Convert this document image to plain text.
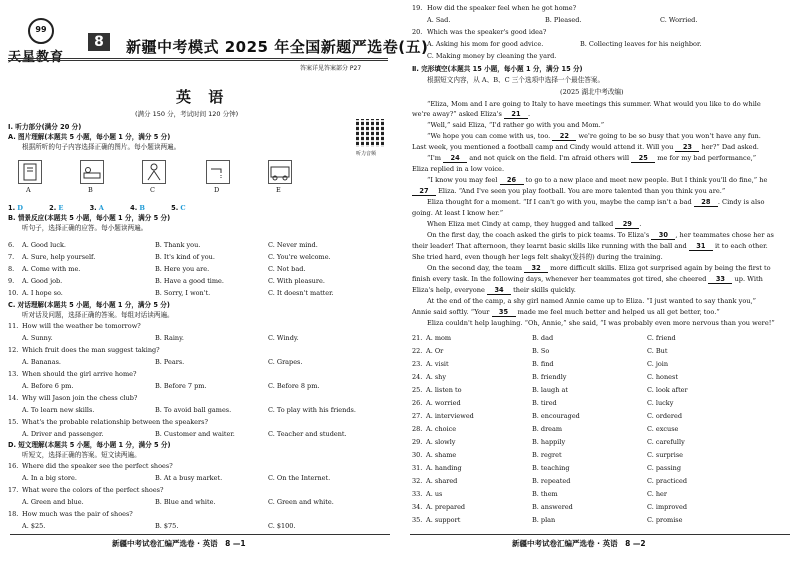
99
8	新疆中考模式 2025 年全国新题严选卷(五)
答案详见答案部分 P27
英 语
(满分 150 分，考试时间 120 分钟)
听力音频
Ⅰ. 听力部分(满分 20 分)
A. 图片理解(本题共 5 小题，每小题 1 分，满分 5 分)
根据所听的句子内容选择正确的图片。每小题读两遍。
A	B	C	D	E
1. D	2. E	3. A	4. B	5. C
B. 情景反应(本题共 5 小题，每小题 1 分，满分 5 分)
听句子，选择正确的应答。每小题读两遍。
6. A. Good luck.	B. Thank you.	C. Never mind.
7. A. Sure, help yourself.	B. It's kind of you.	C. You're welcome.
8. A. Come with me.	B. Here you are.	C. Not bad.
9. A. Good job.	B. Have a good time.	C. With pleasure.
10. A. I hope so.	B. Sorry, I won't.	C. It doesn't matter.
C. 对话理解(本题共 5 小题，每小题 1 分，满分 5 分)
听对话及问题，选择正确的答案。每组对话读两遍。
11. How will the weather be tomorrow?
A. Sunny.	B. Rainy.	C. Windy.
12. Which fruit does the man suggest taking?
A. Bananas.	B. Pears.	C. Grapes.
13. When should the girl arrive home?
A. Before 6 pm.	B. Before 7 pm.	C. Before 8 pm.
14. Why will Jason join the chess club?
A. To learn new skills.	B. To avoid ball games.	C. To play with his friends.
15. What's the probable relationship between the speakers?
A. Driver and passenger.	B. Customer and waiter.	C. Teacher and student.
D. 短文理解(本题共 5 小题，每小题 1 分，满分 5 分)
听短文，选择正确的答案。短文读两遍。
16. Where did the speaker see the perfect shoes?
A. In a big store.	B. At a busy market.	C. On the Internet.
17. What were the colors of the perfect shoes?
A. Green and blue.	B. Blue and white.	C. Green and white.
18. How much was the pair of shoes?
A. $25.	B. $75.	C. $100.
新疆中考试卷汇编严选卷 · 英语　8 —1
19. How did the speaker feel when he got home?
A. Sad.	B. Pleased.	C. Worried.
20. Which was the speaker's good idea?
A. Asking his mom for good advice.	B. Collecting leaves for his neighbor.
C. Making money by cleaning the yard.
Ⅱ. 完形填空(本题共 15 小题，每小题 1 分，满分 15 分)
根据短文内容，从 A、B、C 三个选项中选择一个最佳答案。
(2025 湖北中考改编)
“Eliza, Mom and I are going to Italy to have meetings this summer. What would you like to do while
we're away?” asked Eliza's 21 .
“Well,” said Eliza, “I'd rather go with you and Mom.”
“We hope you can come with us, too. 22 we're going to be so busy that you won't have any fun.
Last week, you mentioned a football camp and Cindy would attend it. Will you 23 her?” Dad asked.
“I'm 24 and not quick on the field. I'm afraid others will 25 me for my bad performance,”
Eliza replied in a low voice.
“I know you may feel 26 to go to a new place and meet new people. But I think you'll do fine,” he
27 Eliza. “And I've seen you play football. You are more talented than you think you are.”
Eliza thought for a moment. “If I can't go with you, maybe the camp isn't a bad 28 . Cindy is also
going. At least I know her.”
When Eliza met Cindy at camp, they hugged and talked 29 .
On the first day, the coach asked the girls to pick teams. To Eliza's 30 , her teammates chose her as
their leader! That afternoon, they learnt basic skills like running with the ball and 31 it to each other.
She tried hard, even though her legs felt shaky(发抖的) during the training.
On the second day, the team 32 more difficult skills. Eliza got surprised again by being the first to
finish every task. In the following days, whenever her teammates got tired, she cheered 33 up. With
Eliza's help, everyone 34 their skills quickly.
At the end of the camp, a shy girl named Annie came up to Eliza. “I just wanted to say thank you,”
Annie said softly. “Your 35 made me feel much better and helped us all get better, too.”
Eliza couldn't help laughing. “Oh, Annie,” she said, “I was probably even more nervous than you were!”
21. A. mom	B. dad	C. friend
22. A. Or	B. So	C. But
23. A. visit	B. find	C. join
24. A. shy	B. friendly	C. honest
25. A. listen to	B. laugh at	C. look after
26. A. worried	B. tired	C. lucky
27. A. interviewed	B. encouraged	C. ordered
28. A. choice	B. dream	C. excuse
29. A. slowly	B. happily	C. carefully
30. A. shame	B. regret	C. surprise
31. A. handing	B. teaching	C. passing
32. A. shared	B. repeated	C. practiced
33. A. us	B. them	C. her
34. A. prepared	B. answered	C. improved
35. A. support	B. plan	C. promise
新疆中考试卷汇编严选卷 · 英语　8 —2
